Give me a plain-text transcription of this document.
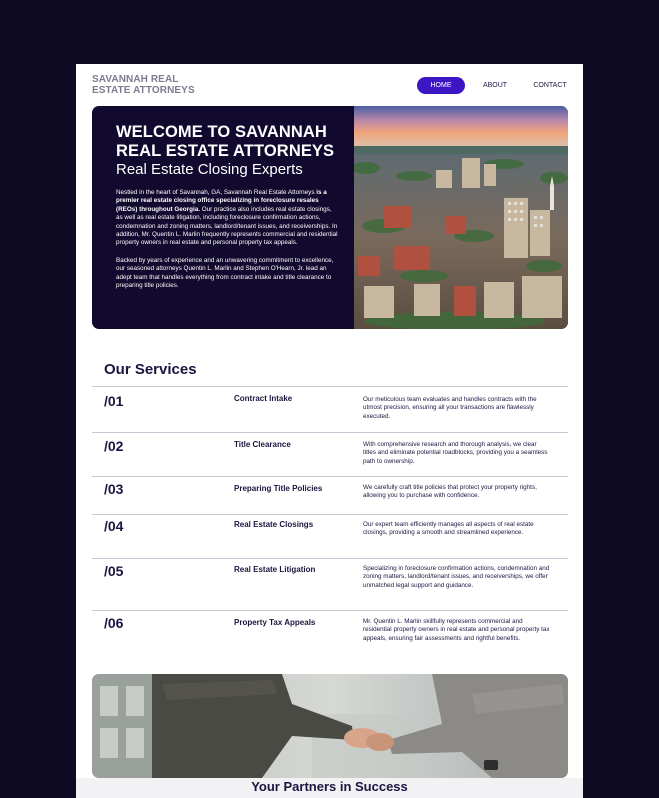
SAVANNAH REAL
ESTATE ATTORNEYS	HOME	ABOUT	CONTACT
WELCOME TO SAVANNAH
REAL ESTATE ATTORNEYS
Real Estate Closing Experts

Nestled in the heart of Savannah, GA, Savannah Real Estate Attorneys is a premier real estate closing office specializing in foreclosure resales (REOs) throughout Georgia. Our practice also includes real estate closings, as well as real estate litigation, including foreclosure confirmation actions, condemnation and zoning matters, landlord/tenant issues, and receiverships. In addition, Mr. Quentin L. Marlin frequently represents commercial and residential property owners in real estate and personal property tax appeals.

Backed by years of experience and an unwavering commitment to excellence, our seasoned attorneys Quentin L. Marlin and Stephen O'Hearn, Jr. lead an adept team that handles everything from contract intake and title clearance to preparing title policies.

Our Services
/01	Contract Intake	Our meticulous team evaluates and handles contracts with the utmost precision, ensuring all your transactions are flawlessly executed.
/02	Title Clearance	With comprehensive research and thorough analysis, we clear titles and eliminate potential roadblocks, providing you a seamless path to ownership.
/03	Preparing Title Policies	We carefully craft title policies that protect your property rights, allowing you to purchase with confidence.
/04	Real Estate Closings	Our expert team efficiently manages all aspects of real estate closings, providing a smooth and streamlined experience.
/05	Real Estate Litigation	Specializing in foreclosure confirmation actions, condemnation and zoning matters, landlord/tenant issues, and receiverships, we offer unmatched legal support and guidance.
/06	Property Tax Appeals	Mr. Quentin L. Marlin skillfully represents commercial and residential property owners in real estate and personal property tax appeals, ensuring fair assessments and rightful benefits.
Your Partners in Success
